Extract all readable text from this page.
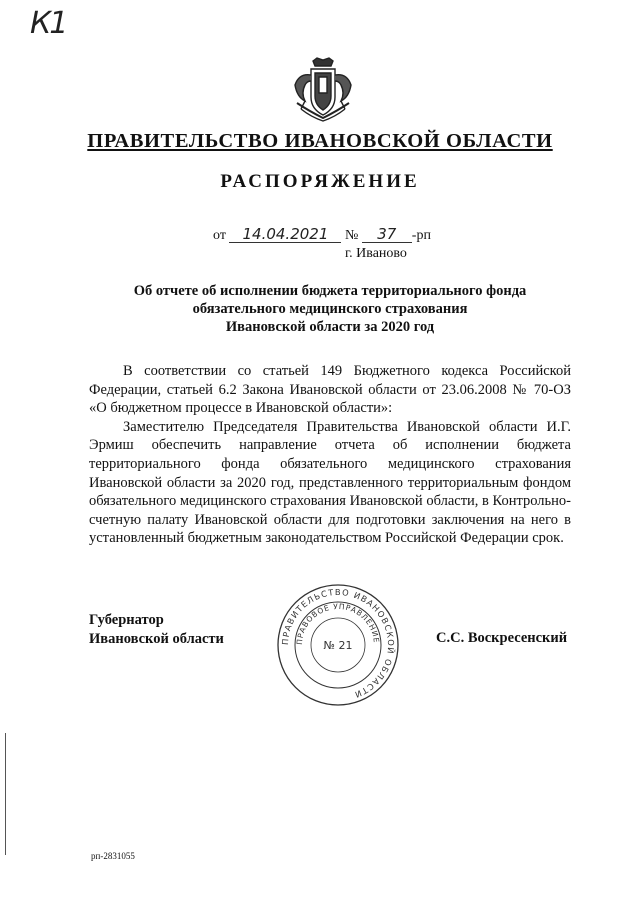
К1
ПРАВИТЕЛЬСТВО ИВАНОВСКОЙ ОБЛАСТИ
РАСПОРЯЖЕНИЕ
от 14.04.2021 № 37 -рп
г. Иваново
Об отчете об исполнении бюджета территориального фонда
обязательного медицинского страхования
Ивановской области за 2020 год

В соответствии со статьей 149 Бюджетного кодекса Российской Федерации, статьей 6.2 Закона Ивановской области от 23.06.2008 № 70-ОЗ «О бюджетном процессе в Ивановской области»:

Заместителю Председателя Правительства Ивановской области И.Г. Эрмиш обеспечить направление отчета об исполнении бюджета территориального фонда обязательного медицинского страхования Ивановской области за 2020 год, представленного территориальным фондом обязательного медицинского страхования Ивановской области, в Контрольно-счетную палату Ивановской области для подготовки заключения на него в установленный бюджетным законодательством Российской Федерации срок.

Губернатор
Ивановской области	ПРАВИТЕЛЬСТВО ИВАНОВСКОЙ ОБЛАСТИ
ПРАВОВОЕ УПРАВЛЕНИЕ
№ 21	С.С. Воскресенский
рп-2831055
